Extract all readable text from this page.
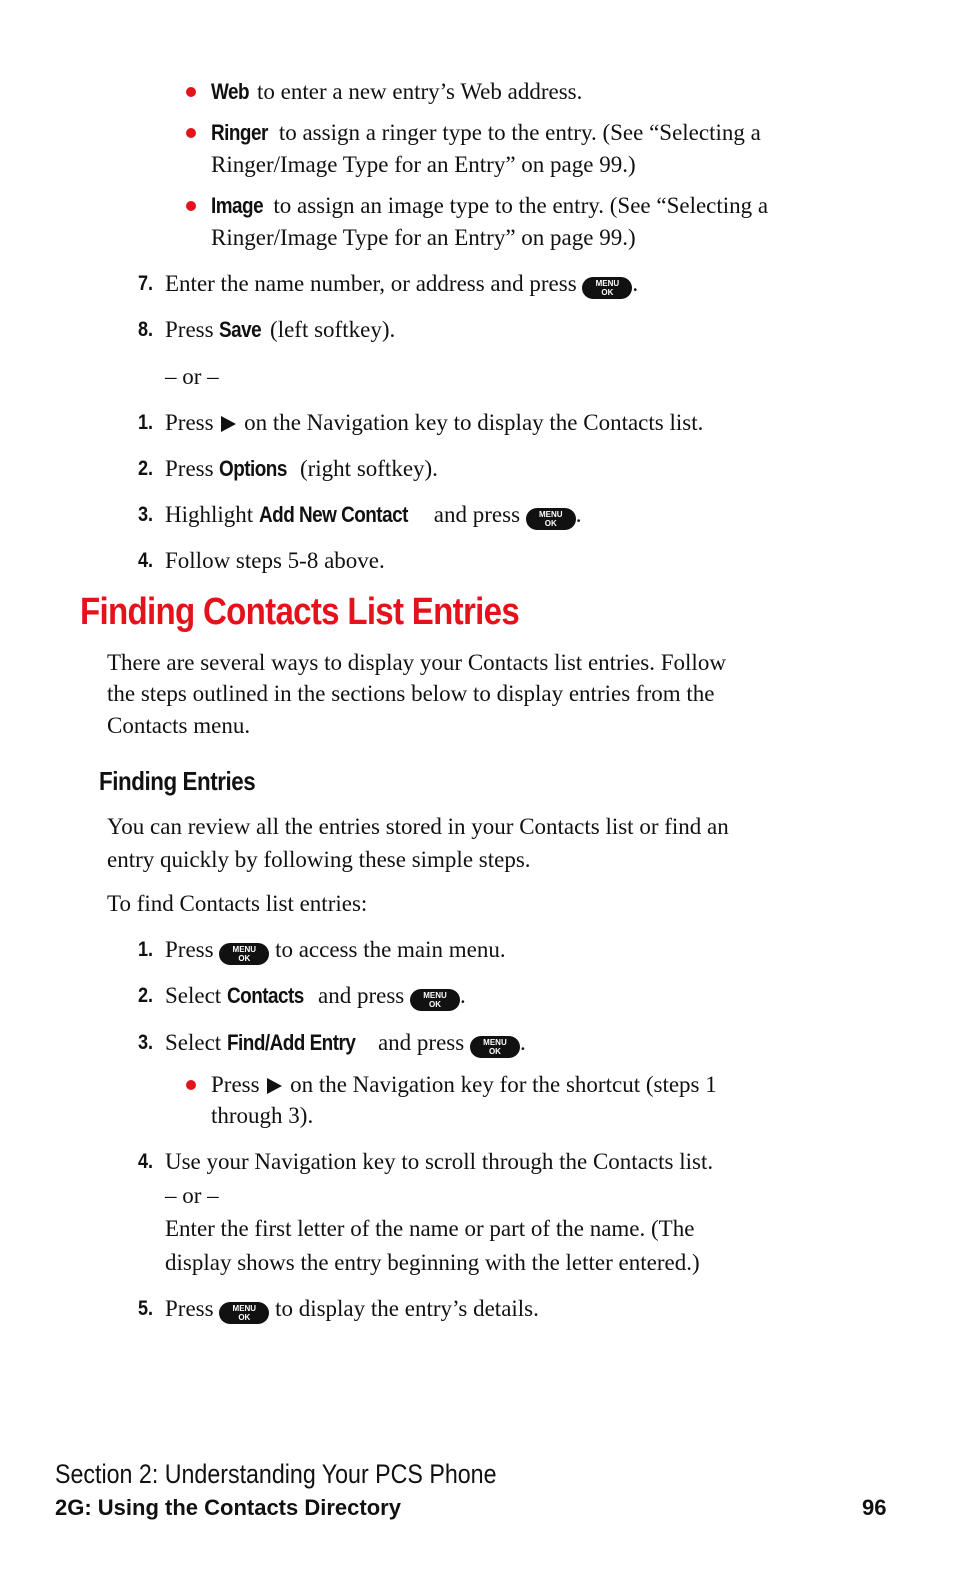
Web to enter a new entry’s Web address.
Ringer to assign a ringer type to the entry. (See “Selecting a
Ringer/Image Type for an Entry” on page 99.)
Image to assign an image type to the entry. (See “Selecting a
Ringer/Image Type for an Entry” on page 99.)
7. Enter the name number, or address and press	MENU
OK .
8. Press Save (left softkey).
– or –
1. Press  on the Navigation key to display the Contacts list.
2. Press Options (right softkey).
3. Highlight Add New Contact and press	MENU
OK .
4. Follow steps 5-8 above.
Finding Contacts List Entries
There are several ways to display your Contacts list entries. Follow
the steps outlined in the sections below to display entries from the
Contacts menu.
Finding Entries
You can review all the entries stored in your Contacts list or find an
entry quickly by following these simple steps.
To find Contacts list entries:
1. Press	MENU
OK to access the main menu.
2. Select Contacts and press	MENU
OK .
3. Select Find/Add Entry and press	MENU
OK .
Press  on the Navigation key for the shortcut (steps 1
through 3).
4. Use your Navigation key to scroll through the Contacts list.
– or –
Enter the first letter of the name or part of the name. (The
display shows the entry beginning with the letter entered.)
5. Press	MENU
OK to display the entry’s details.
Section 2: Understanding Your PCS Phone
2G: Using the Contacts Directory	96
